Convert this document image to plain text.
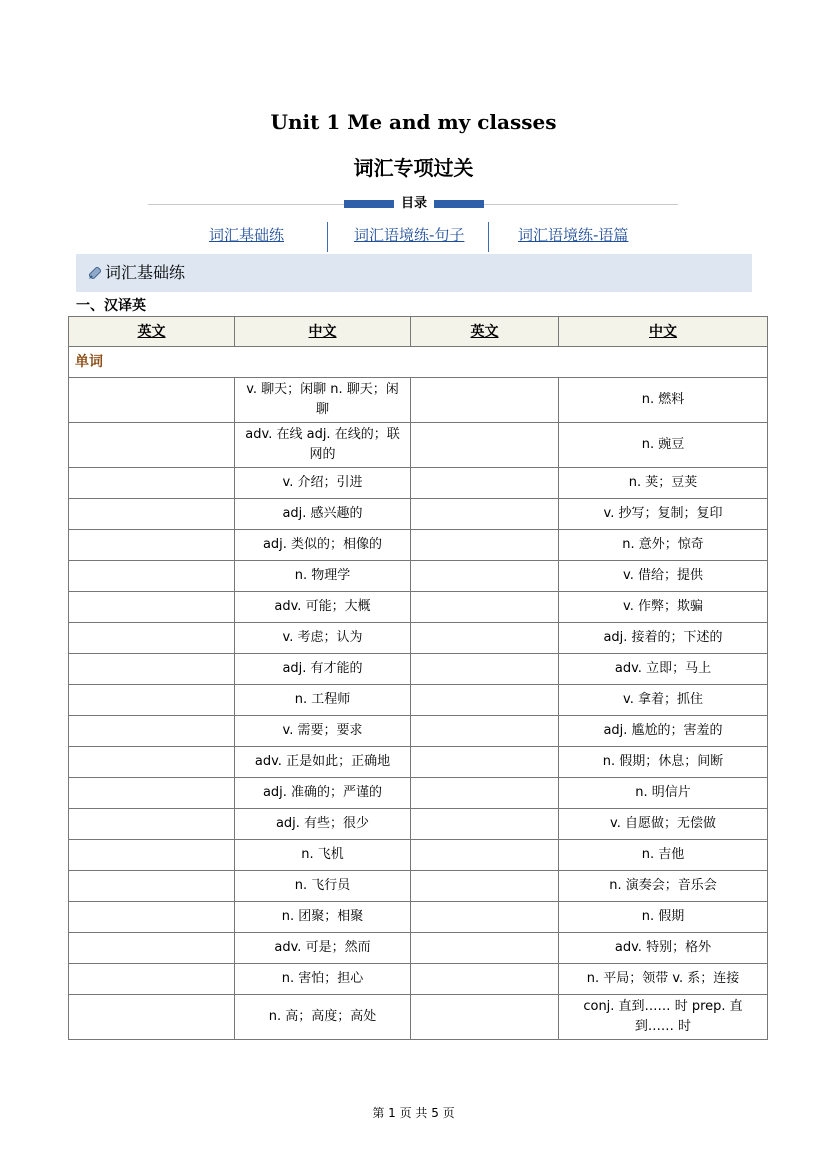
Unit 1 Me and my classes
词汇专项过关
目录
词汇基础练	词汇语境练-句子	词汇语境练-语篇
词汇基础练
一、汉译英
英文	中文	英文	中文
单词			
	v. 聊天；闲聊 n. 聊天；闲聊		n. 燃料
	adv. 在线 adj. 在线的；联网的		n. 豌豆
	v. 介绍；引进		n. 荚；豆荚
	adj. 感兴趣的		v. 抄写；复制；复印
	adj. 类似的；相像的		n. 意外；惊奇
	n. 物理学		v. 借给；提供
	adv. 可能；大概		v. 作弊；欺骗
	v. 考虑；认为		adj. 接着的；下述的
	adj. 有才能的		adv. 立即；马上
	n. 工程师		v. 拿着；抓住
	v. 需要；要求		adj. 尴尬的；害羞的
	adv. 正是如此；正确地		n. 假期；休息；间断
	adj. 准确的；严谨的		n. 明信片
	adj. 有些；很少		v. 自愿做；无偿做
	n. 飞机		n. 吉他
	n. 飞行员		n. 演奏会；音乐会
	n. 团聚；相聚		n. 假期
	adv. 可是；然而		adv. 特别；格外
	n. 害怕；担心		n. 平局；领带 v. 系；连接
	n. 高；高度；高处		conj. 直到…… 时 prep. 直到…… 时
第 1 页 共 5 页
